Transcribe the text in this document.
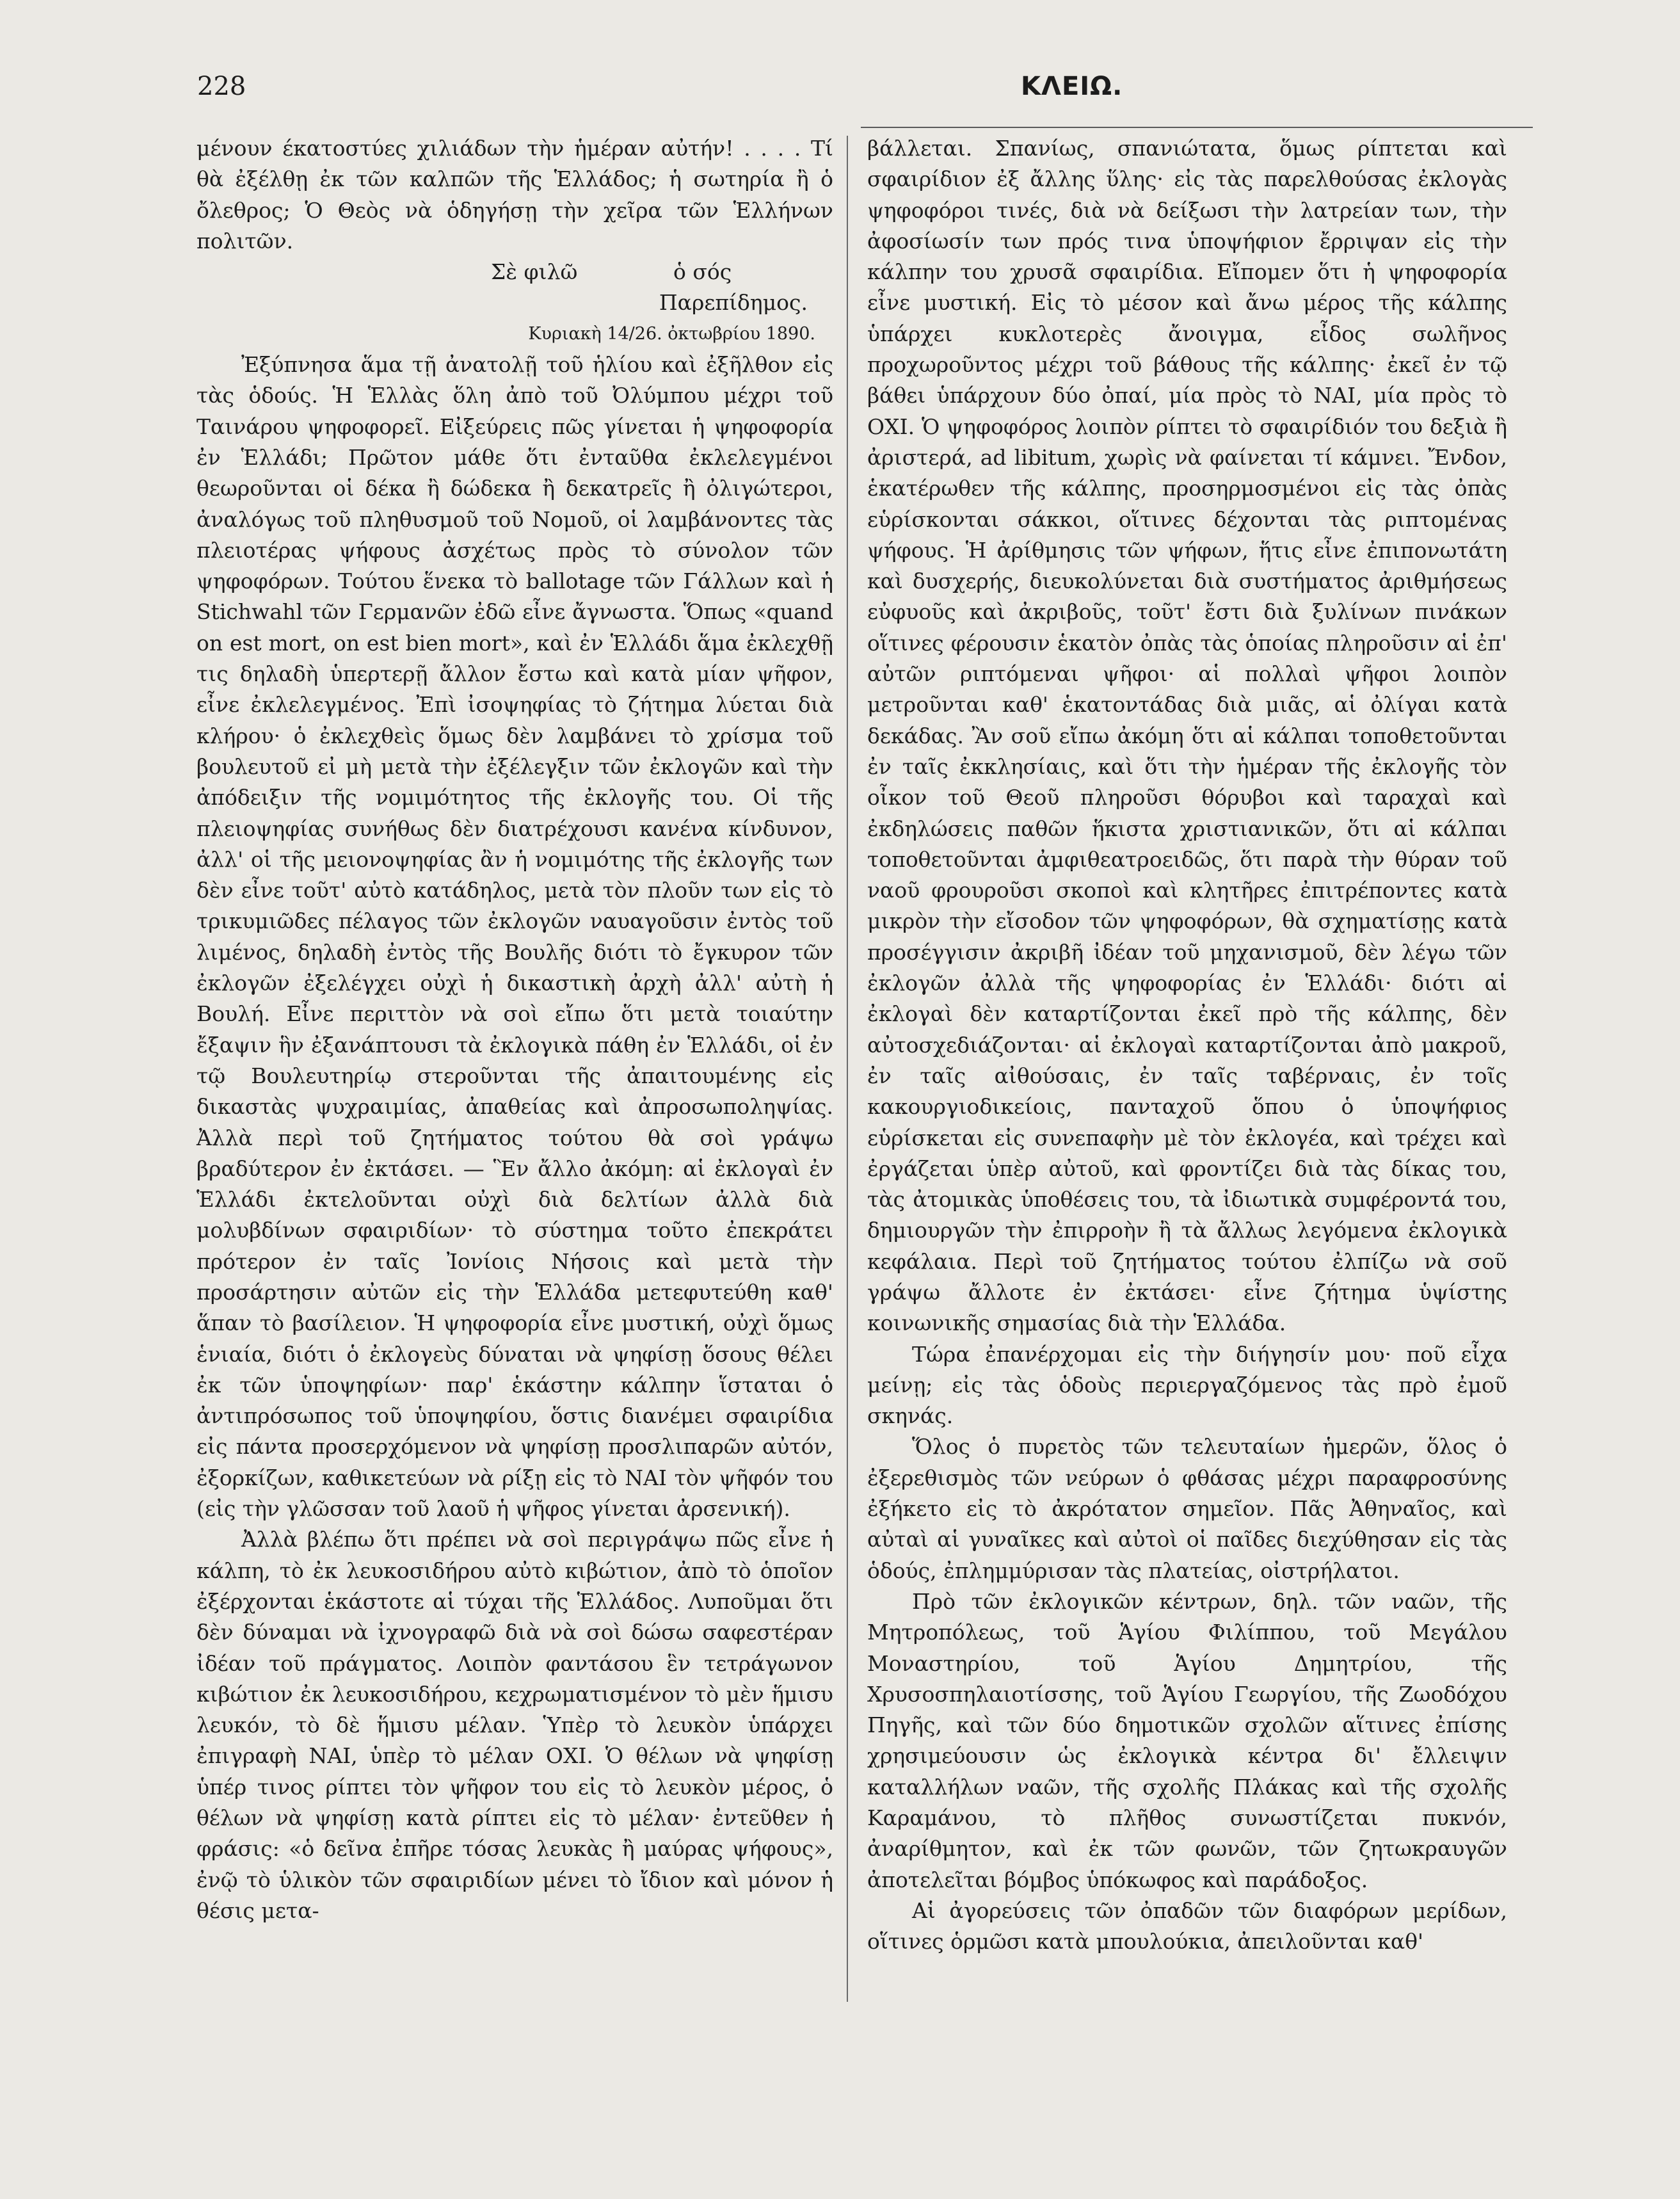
228	ΚΛΕΙΩ.

μένουν έκατοστύες χιλιάδων τὴν ἡμέραν αὐτήν! . . . . Τί θὰ ἐξέλθῃ ἐκ τῶν καλπῶν τῆς Ἑλλάδος; ἡ σωτηρία ἢ ὁ ὄλεθρος; Ὁ Θεὸς νὰ ὁδηγήσῃ τὴν χεῖρα τῶν Ἑλλήνων πολιτῶν.

Σὲ φιλῶ	ὁ σός

Παρεπίδημος.

Κυριακὴ 14/26. ὀκτωβρίου 1890.

Ἐξύπνησα ἅμα τῇ ἀνατολῇ τοῦ ἡλίου καὶ ἐξῆλθον εἰς τὰς ὁδούς. Ἡ Ἑλλὰς ὅλη ἀπὸ τοῦ Ὀλύμπου μέχρι τοῦ Ταινάρου ψηφοφορεῖ. Εἰξεύρεις πῶς γίνεται ἡ ψηφοφορία ἐν Ἑλλάδι; Πρῶτον μάθε ὅτι ἐνταῦθα ἐκλελεγμένοι θεωροῦνται οἱ δέκα ἢ δώδεκα ἢ δεκατρεῖς ἢ ὀλιγώτεροι, ἀναλόγως τοῦ πληθυσμοῦ τοῦ Νομοῦ, οἱ λαμβάνοντες τὰς πλειοτέρας ψήφους ἀσχέτως πρὸς τὸ σύνολον τῶν ψηφοφόρων. Τούτου ἕνεκα τὸ ballotage τῶν Γάλλων καὶ ἡ Stichwahl τῶν Γερμανῶν ἐδῶ εἶνε ἄγνωστα. Ὅπως «quand on est mort, on est bien mort», καὶ ἐν Ἑλλάδι ἅμα ἐκλεχθῇ τις δηλαδὴ ὑπερτερῇ ἄλλον ἔστω καὶ κατὰ μίαν ψῆφον, εἶνε ἐκλελεγμένος. Ἐπὶ ἰσοψηφίας τὸ ζήτημα λύεται διὰ κλήρου· ὁ ἐκλεχθεὶς ὅμως δὲν λαμβάνει τὸ χρίσμα τοῦ βουλευτοῦ εἰ μὴ μετὰ τὴν ἐξέλεγξιν τῶν ἐκλογῶν καὶ τὴν ἀπόδειξιν τῆς νομιμότητος τῆς ἐκλογῆς του. Οἱ τῆς πλειοψηφίας συνήθως δὲν διατρέχουσι κανένα κίνδυνον, ἀλλ' οἱ τῆς μειονοψηφίας ἂν ἡ νομιμότης τῆς ἐκλογῆς των δὲν εἶνε τοῦτ' αὐτὸ κατάδηλος, μετὰ τὸν πλοῦν των εἰς τὸ τρικυμιῶδες πέλαγος τῶν ἐκλογῶν ναυαγοῦσιν ἐντὸς τοῦ λιμένος, δηλαδὴ ἐντὸς τῆς Βουλῆς διότι τὸ ἔγκυρον τῶν ἐκλογῶν ἐξελέγχει οὐχὶ ἡ δικαστικὴ ἀρχὴ ἀλλ' αὐτὴ ἡ Βουλή. Εἶνε περιττὸν νὰ σοὶ εἴπω ὅτι μετὰ τοιαύτην ἔξαψιν ἣν ἐξανάπτουσι τὰ ἐκλογικὰ πάθη ἐν Ἑλλάδι, οἱ ἐν τῷ Βουλευτηρίῳ στεροῦνται τῆς ἀπαιτουμένης εἰς δικαστὰς ψυχραιμίας, ἀπαθείας καὶ ἀπροσωποληψίας. Ἀλλὰ περὶ τοῦ ζητήματος τούτου θὰ σοὶ γράψω βραδύτερον ἐν ἐκτάσει. — Ἓν ἄλλο ἀκόμη: αἱ ἐκλογαὶ ἐν Ἑλλάδι ἐκτελοῦνται οὐχὶ διὰ δελτίων ἀλλὰ διὰ μολυβδίνων σφαιριδίων· τὸ σύστημα τοῦτο ἐπεκράτει πρότερον ἐν ταῖς Ἰονίοις Νήσοις καὶ μετὰ τὴν προσάρτησιν αὐτῶν εἰς τὴν Ἑλλάδα μετεφυτεύθη καθ' ἅπαν τὸ βασίλειον. Ἡ ψηφοφορία εἶνε μυστική, οὐχὶ ὅμως ἑνιαία, διότι ὁ ἐκλογεὺς δύναται νὰ ψηφίσῃ ὅσους θέλει ἐκ τῶν ὑποψηφίων· παρ' ἑκάστην κάλπην ἵσταται ὁ ἀντιπρόσωπος τοῦ ὑποψηφίου, ὅστις διανέμει σφαιρίδια εἰς πάντα προσερχόμενον νὰ ψηφίσῃ προσλιπαρῶν αὐτόν, ἐξορκίζων, καθικετεύων νὰ ρίξῃ εἰς τὸ ΝΑΙ τὸν ψῆφόν του (εἰς τὴν γλῶσσαν τοῦ λαοῦ ἡ ψῆφος γίνεται ἀρσενική).

Ἀλλὰ βλέπω ὅτι πρέπει νὰ σοὶ περιγράψω πῶς εἶνε ἡ κάλπη, τὸ ἐκ λευκοσιδήρου αὐτὸ κιβώτιον, ἀπὸ τὸ ὁποῖον ἐξέρχονται ἑκάστοτε αἱ τύχαι τῆς Ἑλλάδος. Λυποῦμαι ὅτι δὲν δύναμαι νὰ ἰχνογραφῶ διὰ νὰ σοὶ δώσω σαφεστέραν ἰδέαν τοῦ πράγματος. Λοιπὸν φαντάσου ἓν τετράγωνον κιβώτιον ἐκ λευκοσιδήρου, κεχρωματισμένον τὸ μὲν ἥμισυ λευκόν, τὸ δὲ ἥμισυ μέλαν. Ὑπὲρ τὸ λευκὸν ὑπάρχει ἐπιγραφὴ ΝΑΙ, ὑπὲρ τὸ μέλαν ΟΧΙ. Ὁ θέλων νὰ ψηφίσῃ ὑπέρ τινος ρίπτει τὸν ψῆφον του εἰς τὸ λευκὸν μέρος, ὁ θέλων νὰ ψηφίσῃ κατὰ ρίπτει εἰς τὸ μέλαν· ἐντεῦθεν ἡ φράσις: «ὁ δεῖνα ἐπῆρε τόσας λευκὰς ἢ μαύρας ψήφους», ἐνῷ τὸ ὑλικὸν τῶν σφαιριδίων μένει τὸ ἴδιον καὶ μόνον ἡ θέσις μετα-

βάλλεται. Σπανίως, σπανιώτατα, ὅμως ρίπτεται καὶ σφαιρίδιον ἐξ ἄλλης ὕλης· εἰς τὰς παρελθούσας ἐκλογὰς ψηφοφόροι τινές, διὰ νὰ δείξωσι τὴν λατρείαν των, τὴν ἀφοσίωσίν των πρός τινα ὑποψήφιον ἔρριψαν εἰς τὴν κάλπην του χρυσᾶ σφαιρίδια. Εἴπομεν ὅτι ἡ ψηφοφορία εἶνε μυστική. Εἰς τὸ μέσον καὶ ἄνω μέρος τῆς κάλπης ὑπάρχει κυκλοτερὲς ἄνοιγμα, εἶδος σωλῆνος προχωροῦντος μέχρι τοῦ βάθους τῆς κάλπης· ἐκεῖ ἐν τῷ βάθει ὑπάρχουν δύο ὀπαί, μία πρὸς τὸ ΝΑΙ, μία πρὸς τὸ ΟΧΙ. Ὁ ψηφοφόρος λοιπὸν ρίπτει τὸ σφαιρίδιόν του δεξιὰ ἢ ἀριστερά, ad libitum, χωρὶς νὰ φαίνεται τί κάμνει. Ἔνδον, ἑκατέρωθεν τῆς κάλπης, προσηρμοσμένοι εἰς τὰς ὀπὰς εὑρίσκονται σάκκοι, οἵτινες δέχονται τὰς ριπτομένας ψήφους. Ἡ ἀρίθμησις τῶν ψήφων, ἥτις εἶνε ἐπιπονωτάτη καὶ δυσχερής, διευκολύνεται διὰ συστήματος ἀριθμήσεως εὐφυοῦς καὶ ἀκριβοῦς, τοῦτ' ἔστι διὰ ξυλίνων πινάκων οἵτινες φέρουσιν ἑκατὸν ὀπὰς τὰς ὁποίας πληροῦσιν αἱ ἐπ' αὐτῶν ριπτόμεναι ψῆφοι· αἱ πολλαὶ ψῆφοι λοιπὸν μετροῦνται καθ' ἑκατοντάδας διὰ μιᾶς, αἱ ὀλίγαι κατὰ δεκάδας. Ἂν σοῦ εἴπω ἀκόμη ὅτι αἱ κάλπαι τοποθετοῦνται ἐν ταῖς ἐκκλησίαις, καὶ ὅτι τὴν ἡμέραν τῆς ἐκλογῆς τὸν οἶκον τοῦ Θεοῦ πληροῦσι θόρυβοι καὶ ταραχαὶ καὶ ἐκδηλώσεις παθῶν ἥκιστα χριστιανικῶν, ὅτι αἱ κάλπαι τοποθετοῦνται ἀμφιθεατροειδῶς, ὅτι παρὰ τὴν θύραν τοῦ ναοῦ φρουροῦσι σκοποὶ καὶ κλητῆρες ἐπιτρέποντες κατὰ μικρὸν τὴν εἴσοδον τῶν ψηφοφόρων, θὰ σχηματίσῃς κατὰ προσέγγισιν ἀκριβῆ ἰδέαν τοῦ μηχανισμοῦ, δὲν λέγω τῶν ἐκλογῶν ἀλλὰ τῆς ψηφοφορίας ἐν Ἑλλάδι· διότι αἱ ἐκλογαὶ δὲν καταρτίζονται ἐκεῖ πρὸ τῆς κάλπης, δὲν αὐτοσχεδιάζονται· αἱ ἐκλογαὶ καταρτίζονται ἀπὸ μακροῦ, ἐν ταῖς αἰθούσαις, ἐν ταῖς ταβέρναις, ἐν τοῖς κακουργιοδικείοις, πανταχοῦ ὅπου ὁ ὑποψήφιος εὑρίσκεται εἰς συνεπαφὴν μὲ τὸν ἐκλογέα, καὶ τρέχει καὶ ἐργάζεται ὑπὲρ αὐτοῦ, καὶ φροντίζει διὰ τὰς δίκας του, τὰς ἀτομικὰς ὑποθέσεις του, τὰ ἰδιωτικὰ συμφέροντά του, δημιουργῶν τὴν ἐπιρροὴν ἢ τὰ ἄλλως λεγόμενα ἐκλογικὰ κεφάλαια. Περὶ τοῦ ζητήματος τούτου ἐλπίζω νὰ σοῦ γράψω ἄλλοτε ἐν ἐκτάσει· εἶνε ζήτημα ὑψίστης κοινωνικῆς σημασίας διὰ τὴν Ἑλλάδα.

Τώρα ἐπανέρχομαι εἰς τὴν διήγησίν μου· ποῦ εἶχα μείνῃ; εἰς τὰς ὁδοὺς περιεργαζόμενος τὰς πρὸ ἐμοῦ σκηνάς.

Ὅλος ὁ πυρετὸς τῶν τελευταίων ἡμερῶν, ὅλος ὁ ἐξερεθισμὸς τῶν νεύρων ὁ φθάσας μέχρι παραφροσύνης ἐξήκετο εἰς τὸ ἀκρότατον σημεῖον. Πᾶς Ἀθηναῖος, καὶ αὐταὶ αἱ γυναῖκες καὶ αὐτοὶ οἱ παῖδες διεχύθησαν εἰς τὰς ὁδούς, ἐπλημμύρισαν τὰς πλατείας, οἰστρήλατοι.

Πρὸ τῶν ἐκλογικῶν κέντρων, δηλ. τῶν ναῶν, τῆς Μητροπόλεως, τοῦ Ἁγίου Φιλίππου, τοῦ Μεγάλου Μοναστηρίου, τοῦ Ἁγίου Δημητρίου, τῆς Χρυσοσπηλαιοτίσσης, τοῦ Ἁγίου Γεωργίου, τῆς Ζωοδόχου Πηγῆς, καὶ τῶν δύο δημοτικῶν σχολῶν αἵτινες ἐπίσης χρησιμεύουσιν ὡς ἐκλογικὰ κέντρα δι' ἔλλειψιν καταλλήλων ναῶν, τῆς σχολῆς Πλάκας καὶ τῆς σχολῆς Καραμάνου, τὸ πλῆθος συνωστίζεται πυκνόν, ἀναρίθμητον, καὶ ἐκ τῶν φωνῶν, τῶν ζητωκραυγῶν ἀποτελεῖται βόμβος ὑπόκωφος καὶ παράδοξος.

Αἱ ἀγορεύσεις τῶν ὀπαδῶν τῶν διαφόρων μερίδων, οἵτινες ὁρμῶσι κατὰ μπουλούκια, ἀπειλοῦνται καθ'
